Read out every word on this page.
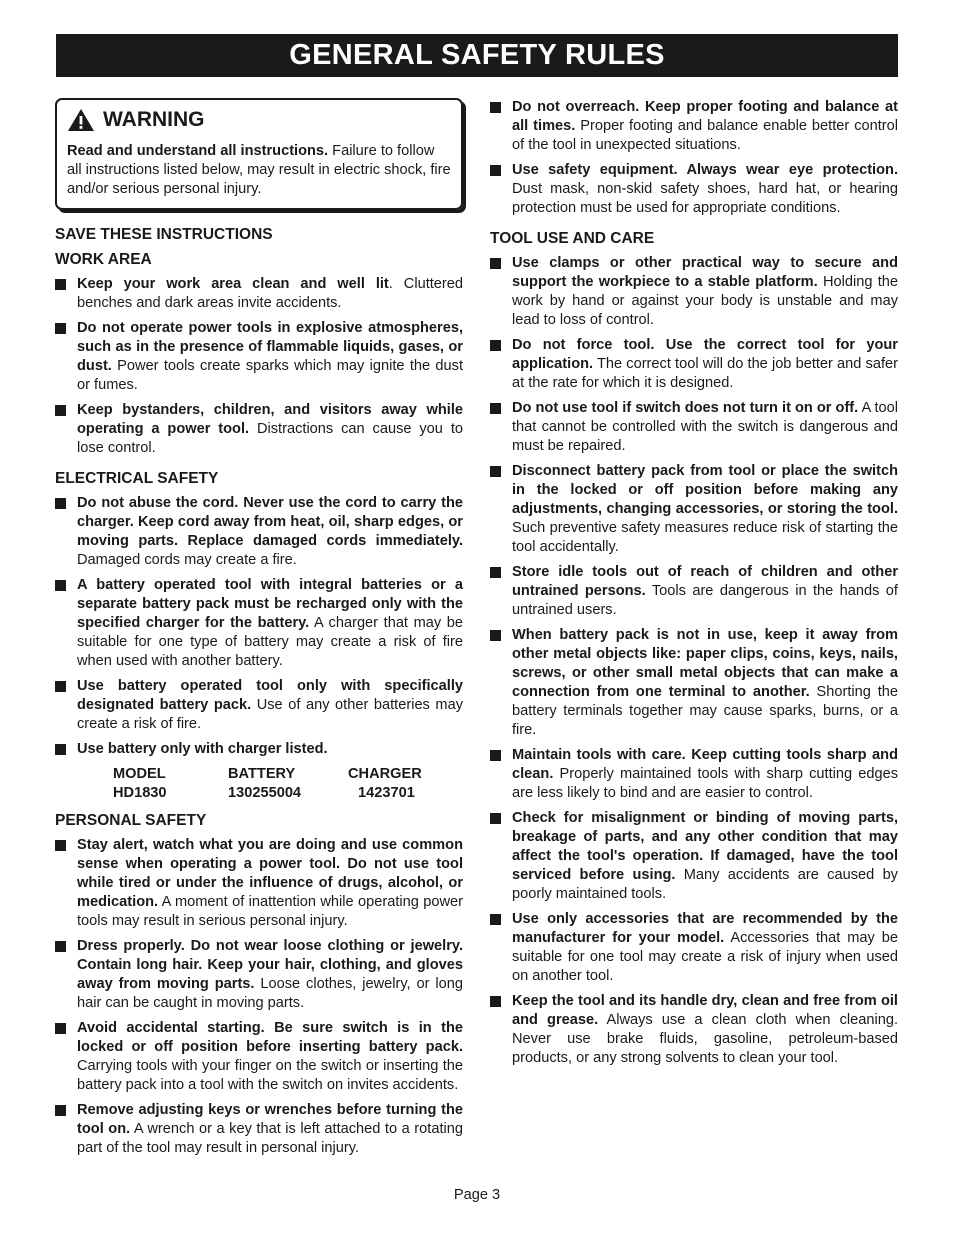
GENERAL SAFETY RULES
WARNING

Read and understand all instructions. Failure to follow all instructions listed below, may result in electric shock, fire and/or serious personal injury.

SAVE THESE INSTRUCTIONS
WORK AREA
Keep your work area clean and well lit. Cluttered benches and dark areas invite accidents.
Do not operate power tools in explosive atmospheres, such as in the presence of flammable liquids, gases, or dust. Power tools create sparks which may ignite the dust or fumes.
Keep bystanders, children, and visitors away while operating a power tool. Distractions can cause you to lose control.
ELECTRICAL SAFETY
Do not abuse the cord. Never use the cord to carry the charger. Keep cord away from heat, oil, sharp edges, or moving parts. Replace damaged cords immediately. Damaged cords may create a fire.
A battery operated tool with integral batteries or a separate battery pack must be recharged only with the specified charger for the battery. A charger that may be suitable for one type of battery may create a risk of fire when used with another battery.
Use battery operated tool only with specifically designated battery pack. Use of any other batteries may create a risk of fire.
Use battery only with charger listed.
MODEL	BATTERY	CHARGER
HD1830	130255004	1423701
PERSONAL SAFETY
Stay alert, watch what you are doing and use common sense when operating a power tool. Do not use tool while tired or under the influence of drugs, alcohol, or medication. A moment of inattention while operating power tools may result in serious personal injury.
Dress properly. Do not wear loose clothing or jewelry. Contain long hair. Keep your hair, clothing, and gloves away from moving parts. Loose clothes, jewelry, or long hair can be caught in moving parts.
Avoid accidental starting. Be sure switch is in the locked or off position before inserting battery pack. Carrying tools with your finger on the switch or inserting the battery pack into a tool with the switch on invites accidents.
Remove adjusting keys or wrenches before turning the tool on. A wrench or a key that is left attached to a rotating part of the tool may result in personal injury.
Do not overreach. Keep proper footing and balance at all times. Proper footing and balance enable better control of the tool in unexpected situations.
Use safety equipment. Always wear eye protection. Dust mask, non-skid safety shoes, hard hat, or hearing protection must be used for appropriate conditions.
TOOL USE AND CARE
Use clamps or other practical way to secure and support the workpiece to a stable platform. Holding the work by hand or against your body is unstable and may lead to loss of control.
Do not force tool. Use the correct tool for your application. The correct tool will do the job better and safer at the rate for which it is designed.
Do not use tool if switch does not turn it on or off. A tool that cannot be controlled with the switch is dangerous and must be repaired.
Disconnect battery pack from tool or place the switch in the locked or off position before making any adjustments, changing accessories, or storing the tool. Such preventive safety measures reduce risk of starting the tool accidentally.
Store idle tools out of reach of children and other untrained persons. Tools are dangerous in the hands of untrained users.
When battery pack is not in use, keep it away from other metal objects like: paper clips, coins, keys, nails, screws, or other small metal objects that can make a connection from one terminal to another. Shorting the battery terminals together may cause sparks, burns, or a fire.
Maintain tools with care. Keep cutting tools sharp and clean. Properly maintained tools with sharp cutting edges are less likely to bind and are easier to control.
Check for misalignment or binding of moving parts, breakage of parts, and any other condition that may affect the tool's operation. If damaged, have the tool serviced before using. Many accidents are caused by poorly maintained tools.
Use only accessories that are recommended by the manufacturer for your model. Accessories that may be suitable for one tool may create a risk of injury when used on another tool.
Keep the tool and its handle dry, clean and free from oil and grease. Always use a clean cloth when cleaning. Never use brake fluids, gasoline, petroleum-based products, or any strong solvents to clean your tool.
Page 3
